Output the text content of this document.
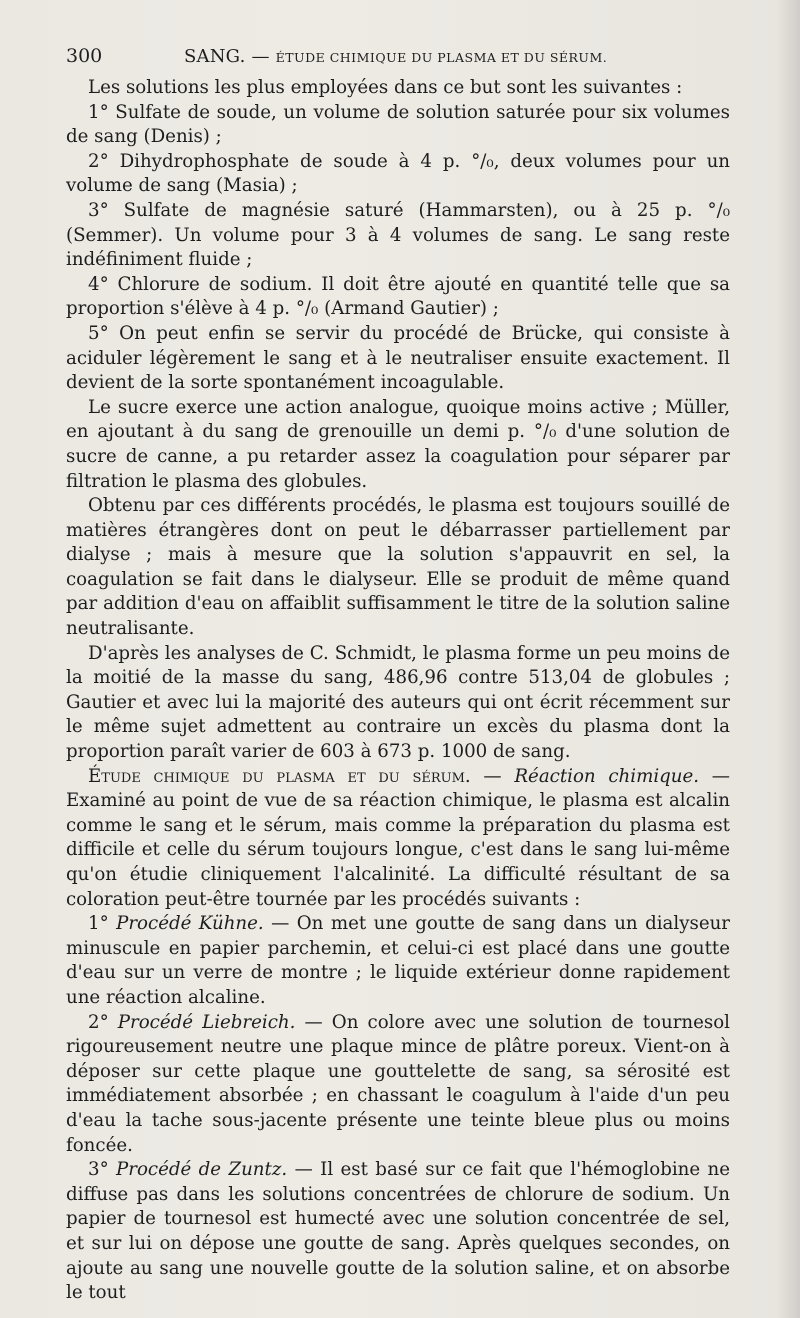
300	SANG. — ÉTUDE CHIMIQUE DU PLASMA ET DU SÉRUM.

Les solutions les plus employées dans ce but sont les suivantes :

1° Sulfate de soude, un volume de solution saturée pour six volumes de sang (Denis) ;

2° Dihydrophosphate de soude à 4 p. °/₀, deux volumes pour un volume de sang (Masia) ;

3° Sulfate de magnésie saturé (Hammarsten), ou à 25 p. °/₀ (Semmer). Un volume pour 3 à 4 volumes de sang. Le sang reste indéfiniment fluide ;

4° Chlorure de sodium. Il doit être ajouté en quantité telle que sa proportion s'élève à 4 p. °/₀ (Armand Gautier) ;

5° On peut enfin se servir du procédé de Brücke, qui consiste à aciduler légèrement le sang et à le neutraliser ensuite exactement. Il devient de la sorte spontanément incoagulable.

Le sucre exerce une action analogue, quoique moins active ; Müller, en ajoutant à du sang de grenouille un demi p. °/₀ d'une solution de sucre de canne, a pu retarder assez la coagulation pour séparer par filtration le plasma des globules.

Obtenu par ces différents procédés, le plasma est toujours souillé de matières étrangères dont on peut le débarrasser partiellement par dialyse ; mais à mesure que la solution s'appauvrit en sel, la coagulation se fait dans le dialyseur. Elle se produit de même quand par addition d'eau on affaiblit suffisamment le titre de la solution saline neutralisante.

D'après les analyses de C. Schmidt, le plasma forme un peu moins de la moitié de la masse du sang, 486,96 contre 513,04 de globules ; Gautier et avec lui la majorité des auteurs qui ont écrit récemment sur le même sujet admettent au contraire un excès du plasma dont la proportion paraît varier de 603 à 673 p. 1000 de sang.

Étude chimique du plasma et du sérum. — Réaction chimique. — Examiné au point de vue de sa réaction chimique, le plasma est alcalin comme le sang et le sérum, mais comme la préparation du plasma est difficile et celle du sérum toujours longue, c'est dans le sang lui-même qu'on étudie cliniquement l'alcalinité. La difficulté résultant de sa coloration peut-être tournée par les procédés suivants :

1° Procédé Kühne. — On met une goutte de sang dans un dialyseur minuscule en papier parchemin, et celui-ci est placé dans une goutte d'eau sur un verre de montre ; le liquide extérieur donne rapidement une réaction alcaline.

2° Procédé Liebreich. — On colore avec une solution de tournesol rigoureusement neutre une plaque mince de plâtre poreux. Vient-on à déposer sur cette plaque une gouttelette de sang, sa sérosité est immédiatement absorbée ; en chassant le coagulum à l'aide d'un peu d'eau la tache sous-jacente présente une teinte bleue plus ou moins foncée.

3° Procédé de Zuntz. — Il est basé sur ce fait que l'hémoglobine ne diffuse pas dans les solutions concentrées de chlorure de sodium. Un papier de tournesol est humecté avec une solution concentrée de sel, et sur lui on dépose une goutte de sang. Après quelques secondes, on ajoute au sang une nouvelle goutte de la solution saline, et on absorbe le tout
